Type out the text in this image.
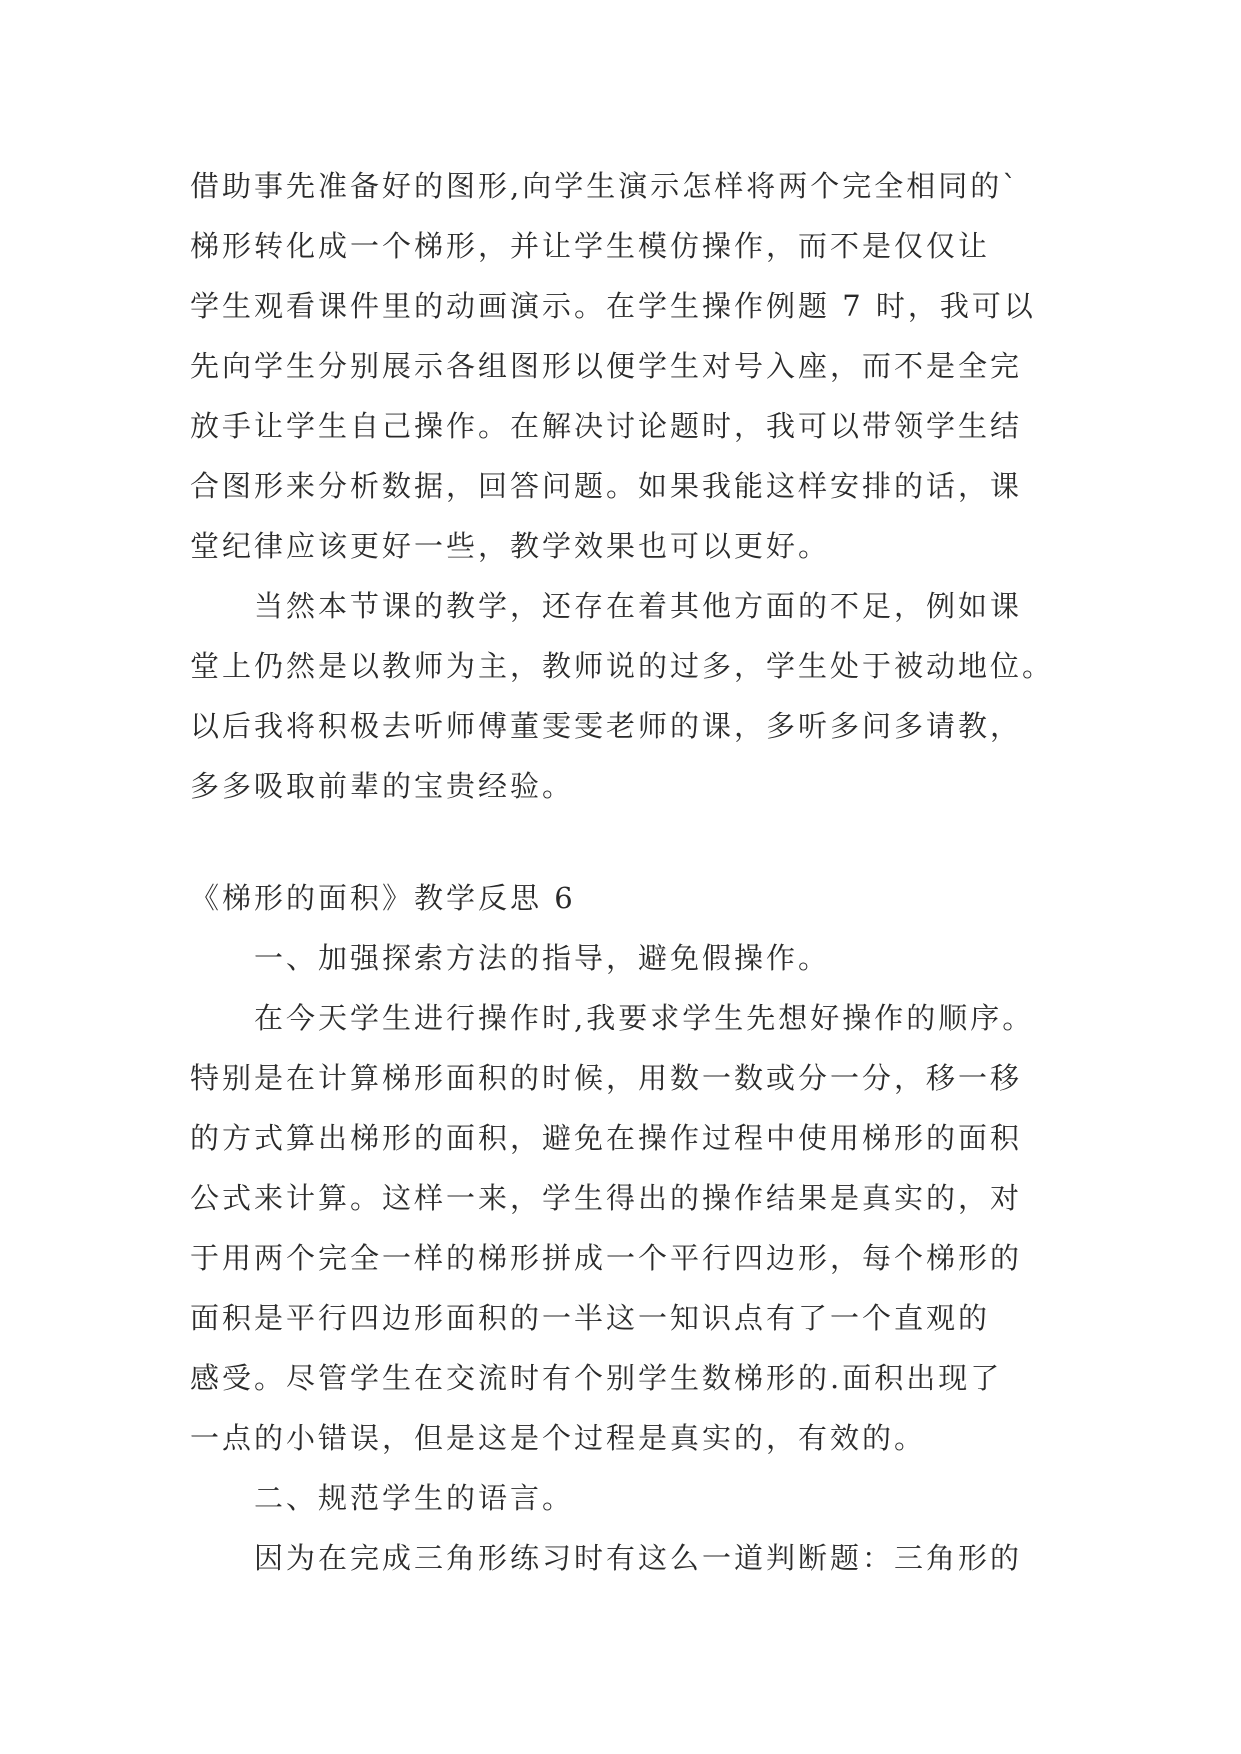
借助事先准备好的图形,向学生演示怎样将两个完全相同的`
梯形转化成一个梯形，并让学生模仿操作，而不是仅仅让
学生观看课件里的动画演示。在学生操作例题 7 时，我可以
先向学生分别展示各组图形以便学生对号入座，而不是全完
放手让学生自己操作。在解决讨论题时，我可以带领学生结
合图形来分析数据，回答问题。如果我能这样安排的话，课
堂纪律应该更好一些，教学效果也可以更好。
当然本节课的教学，还存在着其他方面的不足，例如课
堂上仍然是以教师为主，教师说的过多，学生处于被动地位。
以后我将积极去听师傅董雯雯老师的课，多听多问多请教，
多多吸取前辈的宝贵经验。
《梯形的面积》教学反思 6
一、加强探索方法的指导，避免假操作。
在今天学生进行操作时,我要求学生先想好操作的顺序。
特别是在计算梯形面积的时候，用数一数或分一分，移一移
的方式算出梯形的面积，避免在操作过程中使用梯形的面积
公式来计算。这样一来，学生得出的操作结果是真实的，对
于用两个完全一样的梯形拼成一个平行四边形，每个梯形的
面积是平行四边形面积的一半这一知识点有了一个直观的
感受。尽管学生在交流时有个别学生数梯形的.面积出现了
一点的小错误，但是这是个过程是真实的，有效的。
二、规范学生的语言。
因为在完成三角形练习时有这么一道判断题：三角形的
